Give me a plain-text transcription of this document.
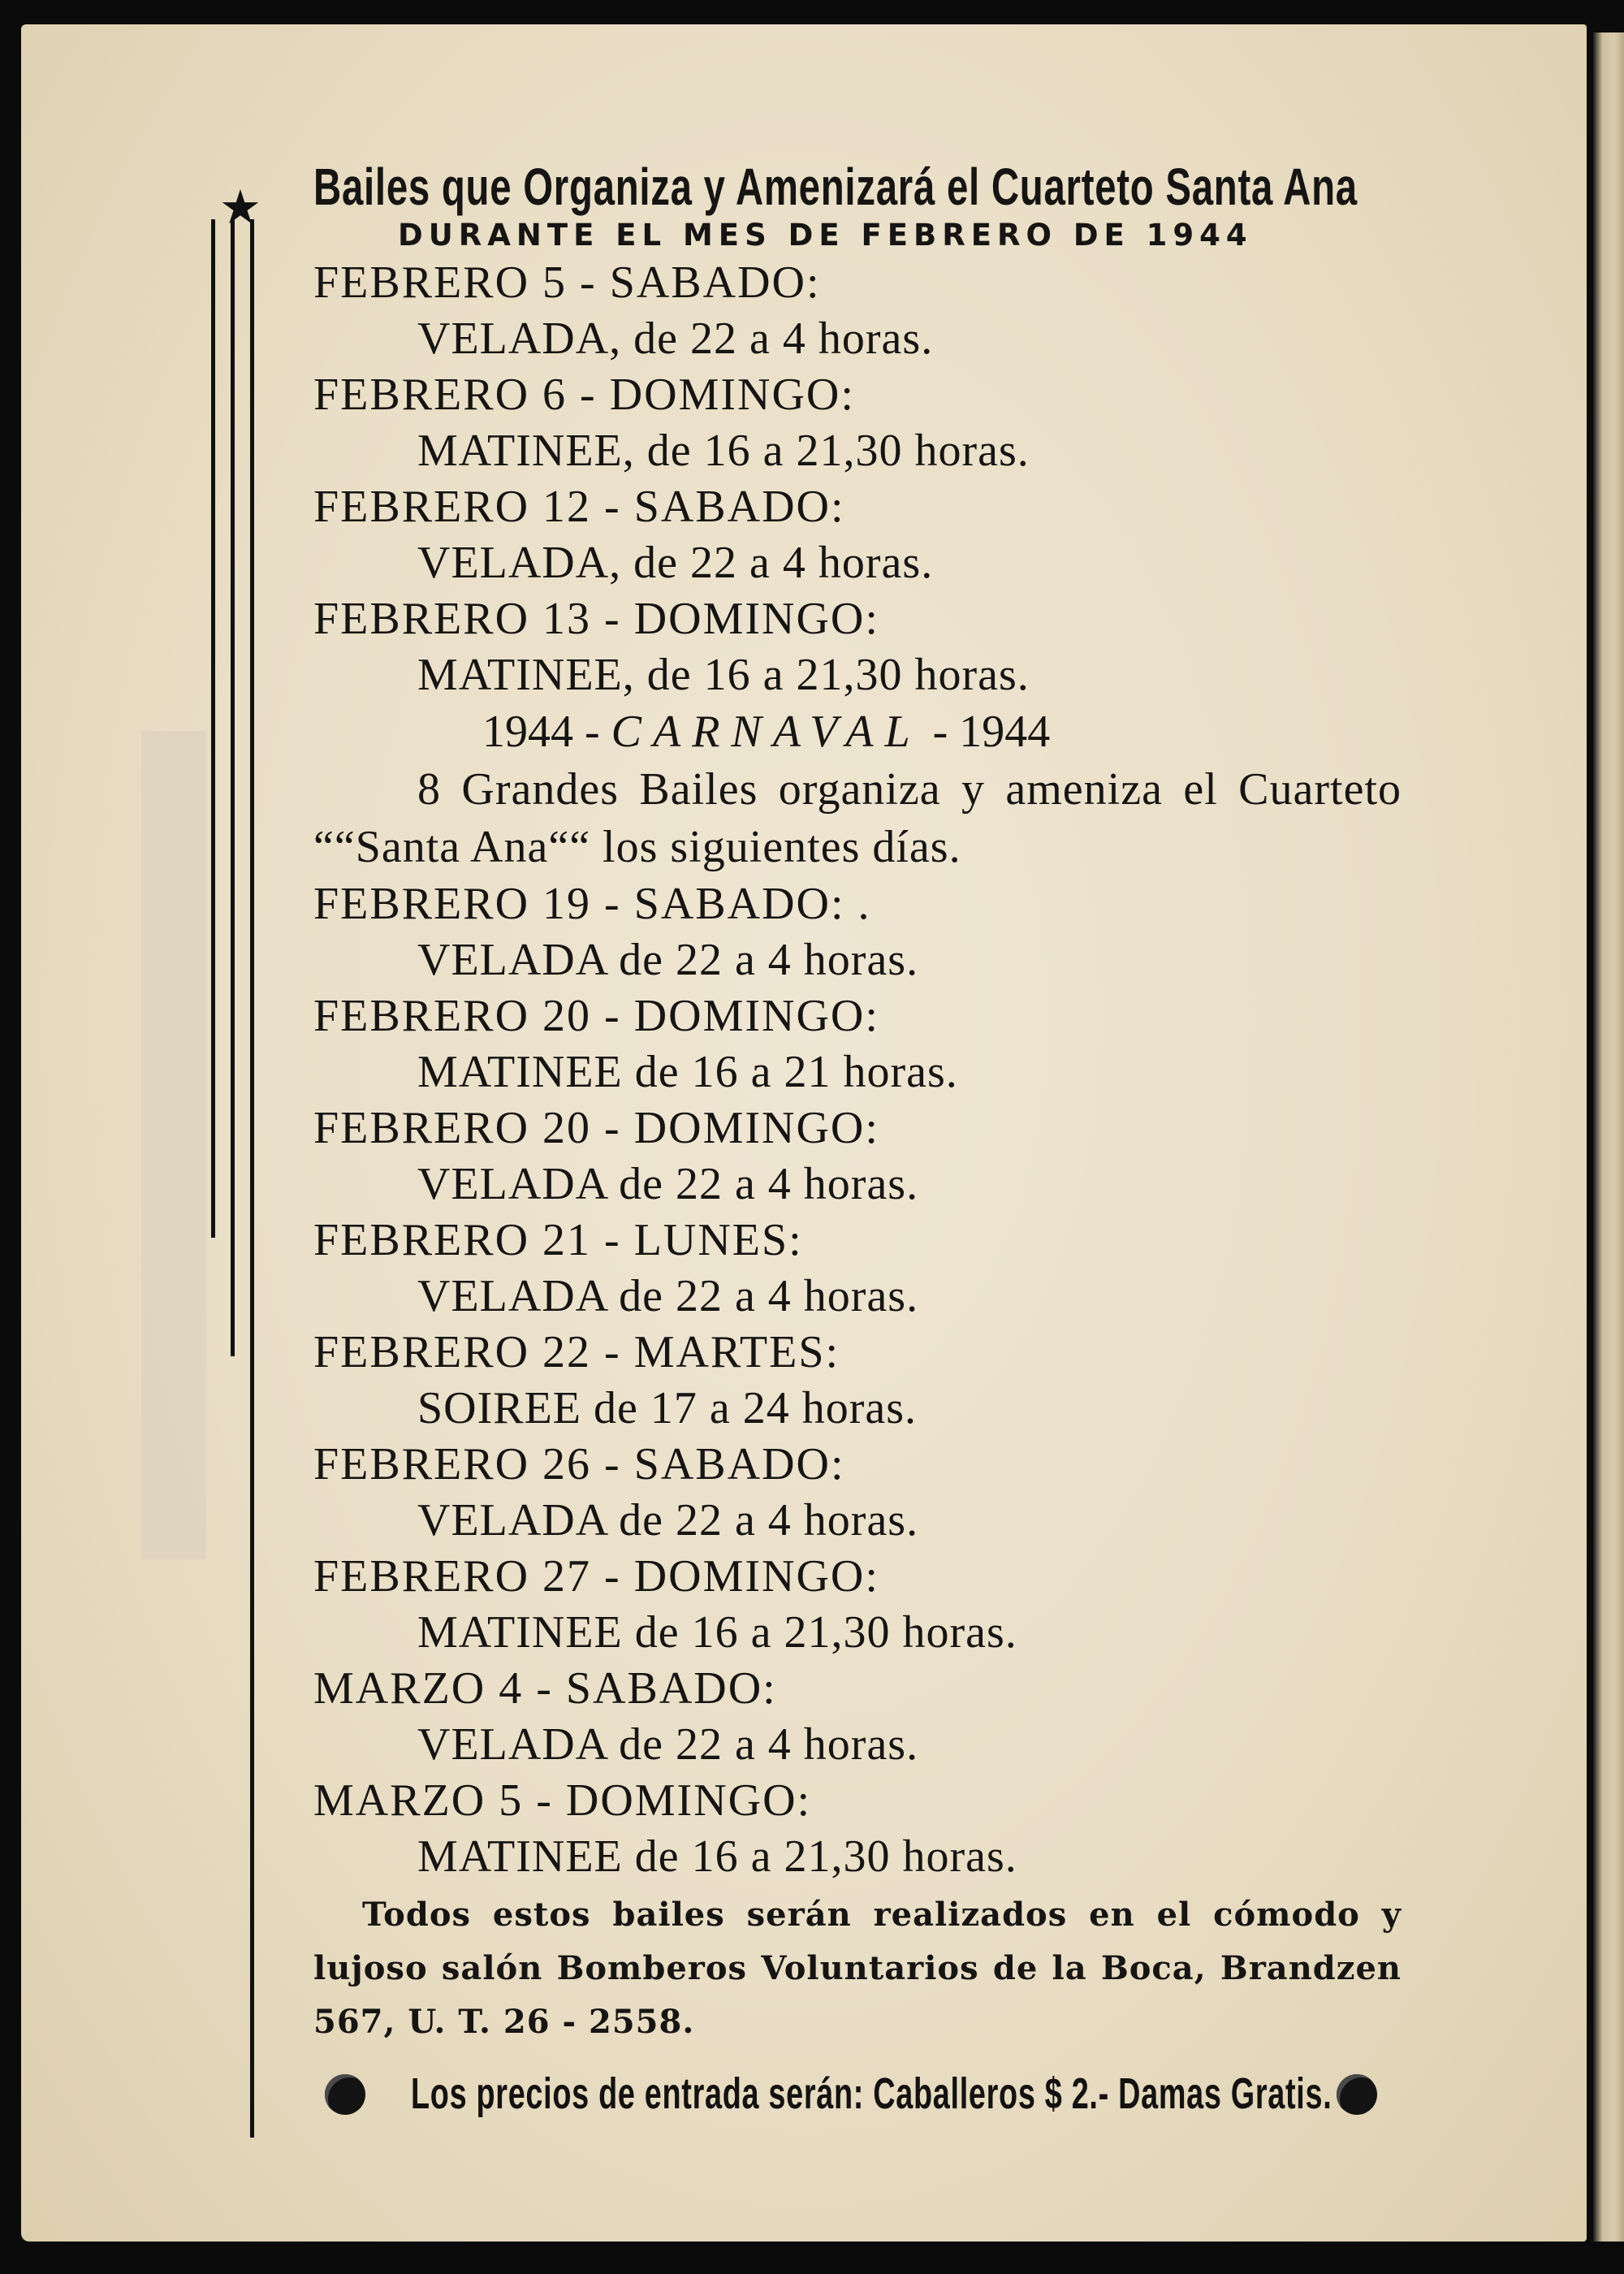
★ Bailes que Organiza y Amenizará el Cuarteto Santa Ana
DURANTE EL MES DE FEBRERO DE 1944
FEBRERO 5 - SABADO:
VELADA, de 22 a 4 horas.
FEBRERO 6 - DOMINGO:
MATINEE, de 16 a 21,30 horas.
FEBRERO 12 - SABADO:
VELADA, de 22 a 4 horas.
FEBRERO 13 - DOMINGO:
MATINEE, de 16 a 21,30 horas.
1944 - CARNAVAL - 1944

8 Grandes Bailes organiza y ameniza el Cuarteto ““Santa Ana““ los siguientes días.

FEBRERO 19 - SABADO: .
VELADA de 22 a 4 horas.
FEBRERO 20 - DOMINGO:
MATINEE de 16 a 21 horas.
FEBRERO 20 - DOMINGO:
VELADA de 22 a 4 horas.
FEBRERO 21 - LUNES:
VELADA de 22 a 4 horas.
FEBRERO 22 - MARTES:
SOIREE de 17 a 24 horas.
FEBRERO 26 - SABADO:
VELADA de 22 a 4 horas.
FEBRERO 27 - DOMINGO:
MATINEE de 16 a 21,30 horas.
MARZO 4 - SABADO:
VELADA de 22 a 4 horas.
MARZO 5 - DOMINGO:
MATINEE de 16 a 21,30 horas.

Todos estos bailes serán realizados en el cómodo y lujoso salón Bomberos Voluntarios de la Boca, Brandzen 567, U. T. 26 - 2558.

Los precios de entrada serán: Caballeros $ 2.- Damas Gratis.
